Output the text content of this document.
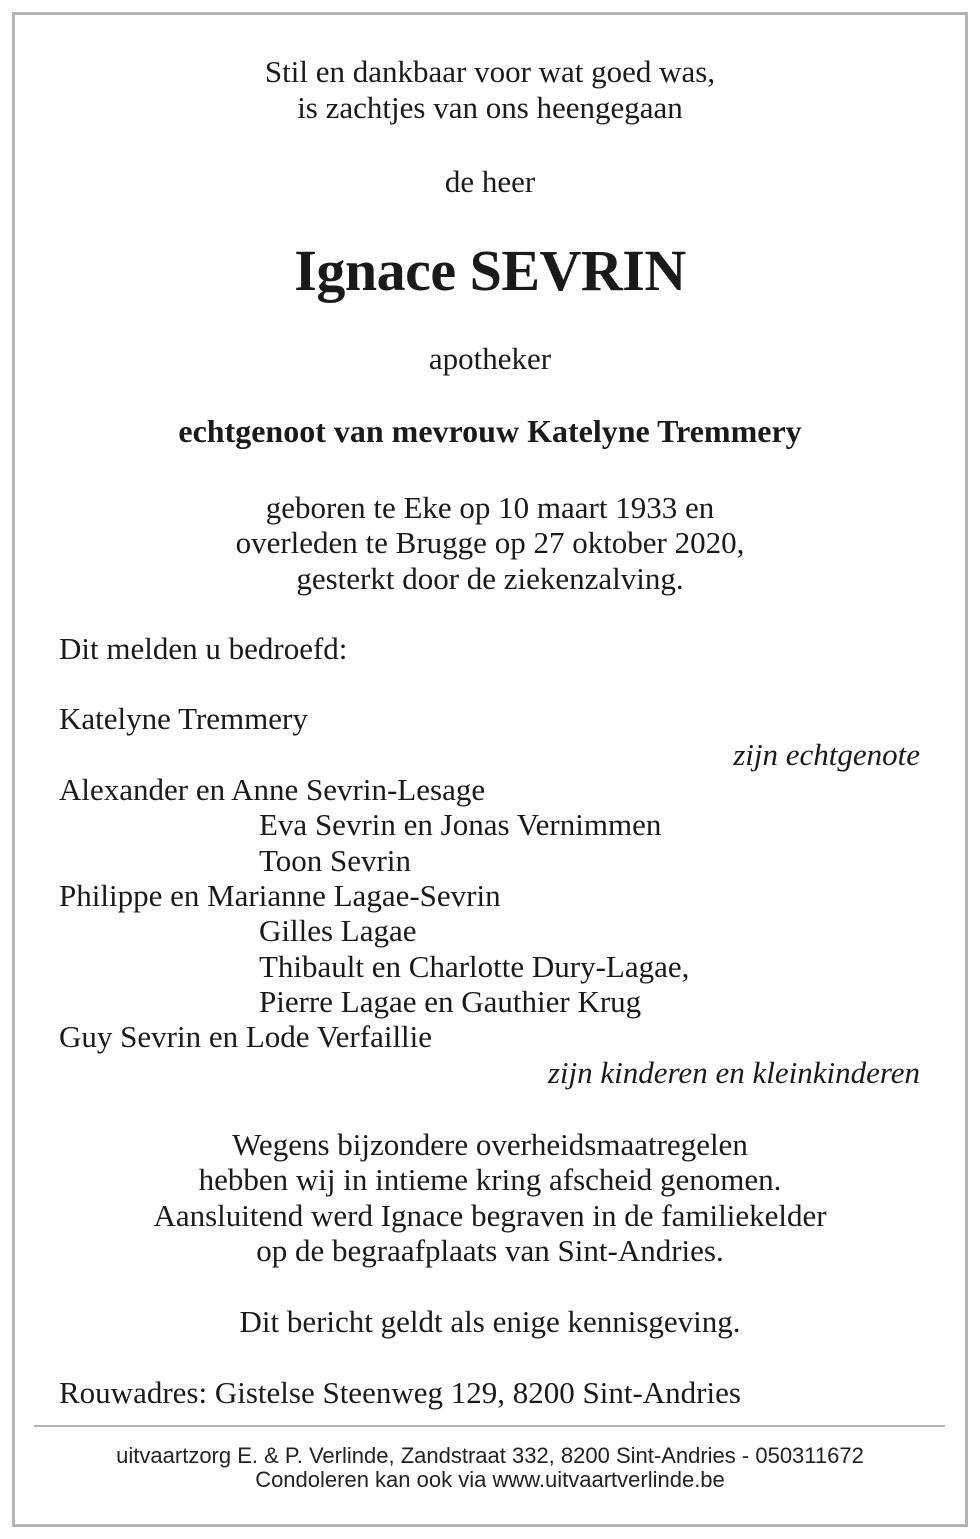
Stil en dankbaar voor wat goed was,
is zachtjes van ons heengegaan
de heer
Ignace SEVRIN
apotheker
echtgenoot van mevrouw Katelyne Tremmery
geboren te Eke op 10 maart 1933 en
overleden te Brugge op 27 oktober 2020,
gesterkt door de ziekenzalving.
Dit melden u bedroefd:
Katelyne Tremmery
zijn echtgenote
Alexander en Anne Sevrin-Lesage
Eva Sevrin en Jonas Vernimmen
Toon Sevrin
Philippe en Marianne Lagae-Sevrin
Gilles Lagae
Thibault en Charlotte Dury-Lagae,
Pierre Lagae en Gauthier Krug
Guy Sevrin en Lode Verfaillie
zijn kinderen en kleinkinderen
Wegens bijzondere overheidsmaatregelen
hebben wij in intieme kring afscheid genomen.
Aansluitend werd Ignace begraven in de familiekelder
op de begraafplaats van Sint-Andries.
Dit bericht geldt als enige kennisgeving.
Rouwadres: Gistelse Steenweg 129, 8200 Sint-Andries
uitvaartzorg E. & P. Verlinde, Zandstraat 332, 8200 Sint-Andries - 050311672
Condoleren kan ook via www.uitvaartverlinde.be
